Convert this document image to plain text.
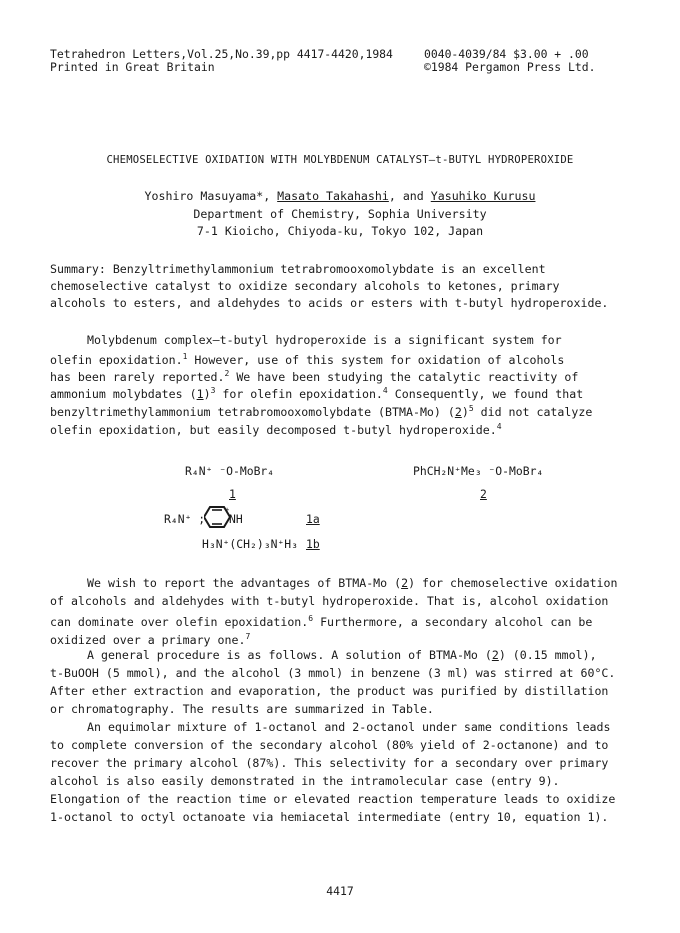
Tetrahedron Letters,Vol.25,No.39,pp 4417-4420,1984	0040-4039/84 $3.00 + .00
Printed in Great Britain	©1984 Pergamon Press Ltd.
CHEMOSELECTIVE OXIDATION WITH MOLYBDENUM CATALYST–t-BUTYL HYDROPEROXIDE
Yoshiro Masuyama*, Masato Takahashi, and Yasuhiko Kurusu
Department of Chemistry, Sophia University
7-1 Kioicho, Chiyoda-ku, Tokyo 102, Japan
Summary: Benzyltrimethylammonium tetrabromooxomolybdate is an excellent
chemoselective catalyst to oxidize secondary alcohols to ketones, primary
alcohols to esters, and aldehydes to acids or esters with t-butyl hydroperoxide.
Molybdenum complex–t-butyl hydroperoxide is a significant system for
olefin epoxidation.$^1$ However, use of this system for oxidation of alcohols
has been rarely reported.$^2$ We have been studying the catalytic reactivity of
ammonium molybdates $(1)^3$ for olefin epoxidation.$^4$ Consequently, we found that
benzyltrimethylammonium tetrabromooxomolybdate (BTMA-Mo) $(2)^5$ did not catalyze
olefin epoxidation, but easily decomposed t-butyl hydroperoxide.$^4$
R₄N⁺ ⁻O-MoBr₄
1
PhCH₂N⁺Me₃ ⁻O-MoBr₄
2
R₄N⁺ ;
+
NH	1a
H₃N⁺(CH₂)₃N⁺H₃ 1b
We wish to report the advantages of BTMA-Mo (2) for chemoselective oxidation
of alcohols and aldehydes with t-butyl hydroperoxide. That is, alcohol oxidation
can dominate over olefin epoxidation.$^6$ Furthermore, a secondary alcohol can be
oxidized over a primary one.$^7$
A general procedure is as follows. A solution of BTMA-Mo (2) (0.15 mmol),
t-BuOOH (5 mmol), and the alcohol (3 mmol) in benzene (3 ml) was stirred at 60°C.
After ether extraction and evaporation, the product was purified by distillation
or chromatography. The results are summarized in Table.
An equimolar mixture of 1-octanol and 2-octanol under same conditions leads
to complete conversion of the secondary alcohol (80% yield of 2-octanone) and to
recover the primary alcohol (87%). This selectivity for a secondary over primary
alcohol is also easily demonstrated in the intramolecular case (entry 9).
Elongation of the reaction time or elevated reaction temperature leads to oxidize
1-octanol to octyl octanoate via hemiacetal intermediate (entry 10, equation 1).
4417
